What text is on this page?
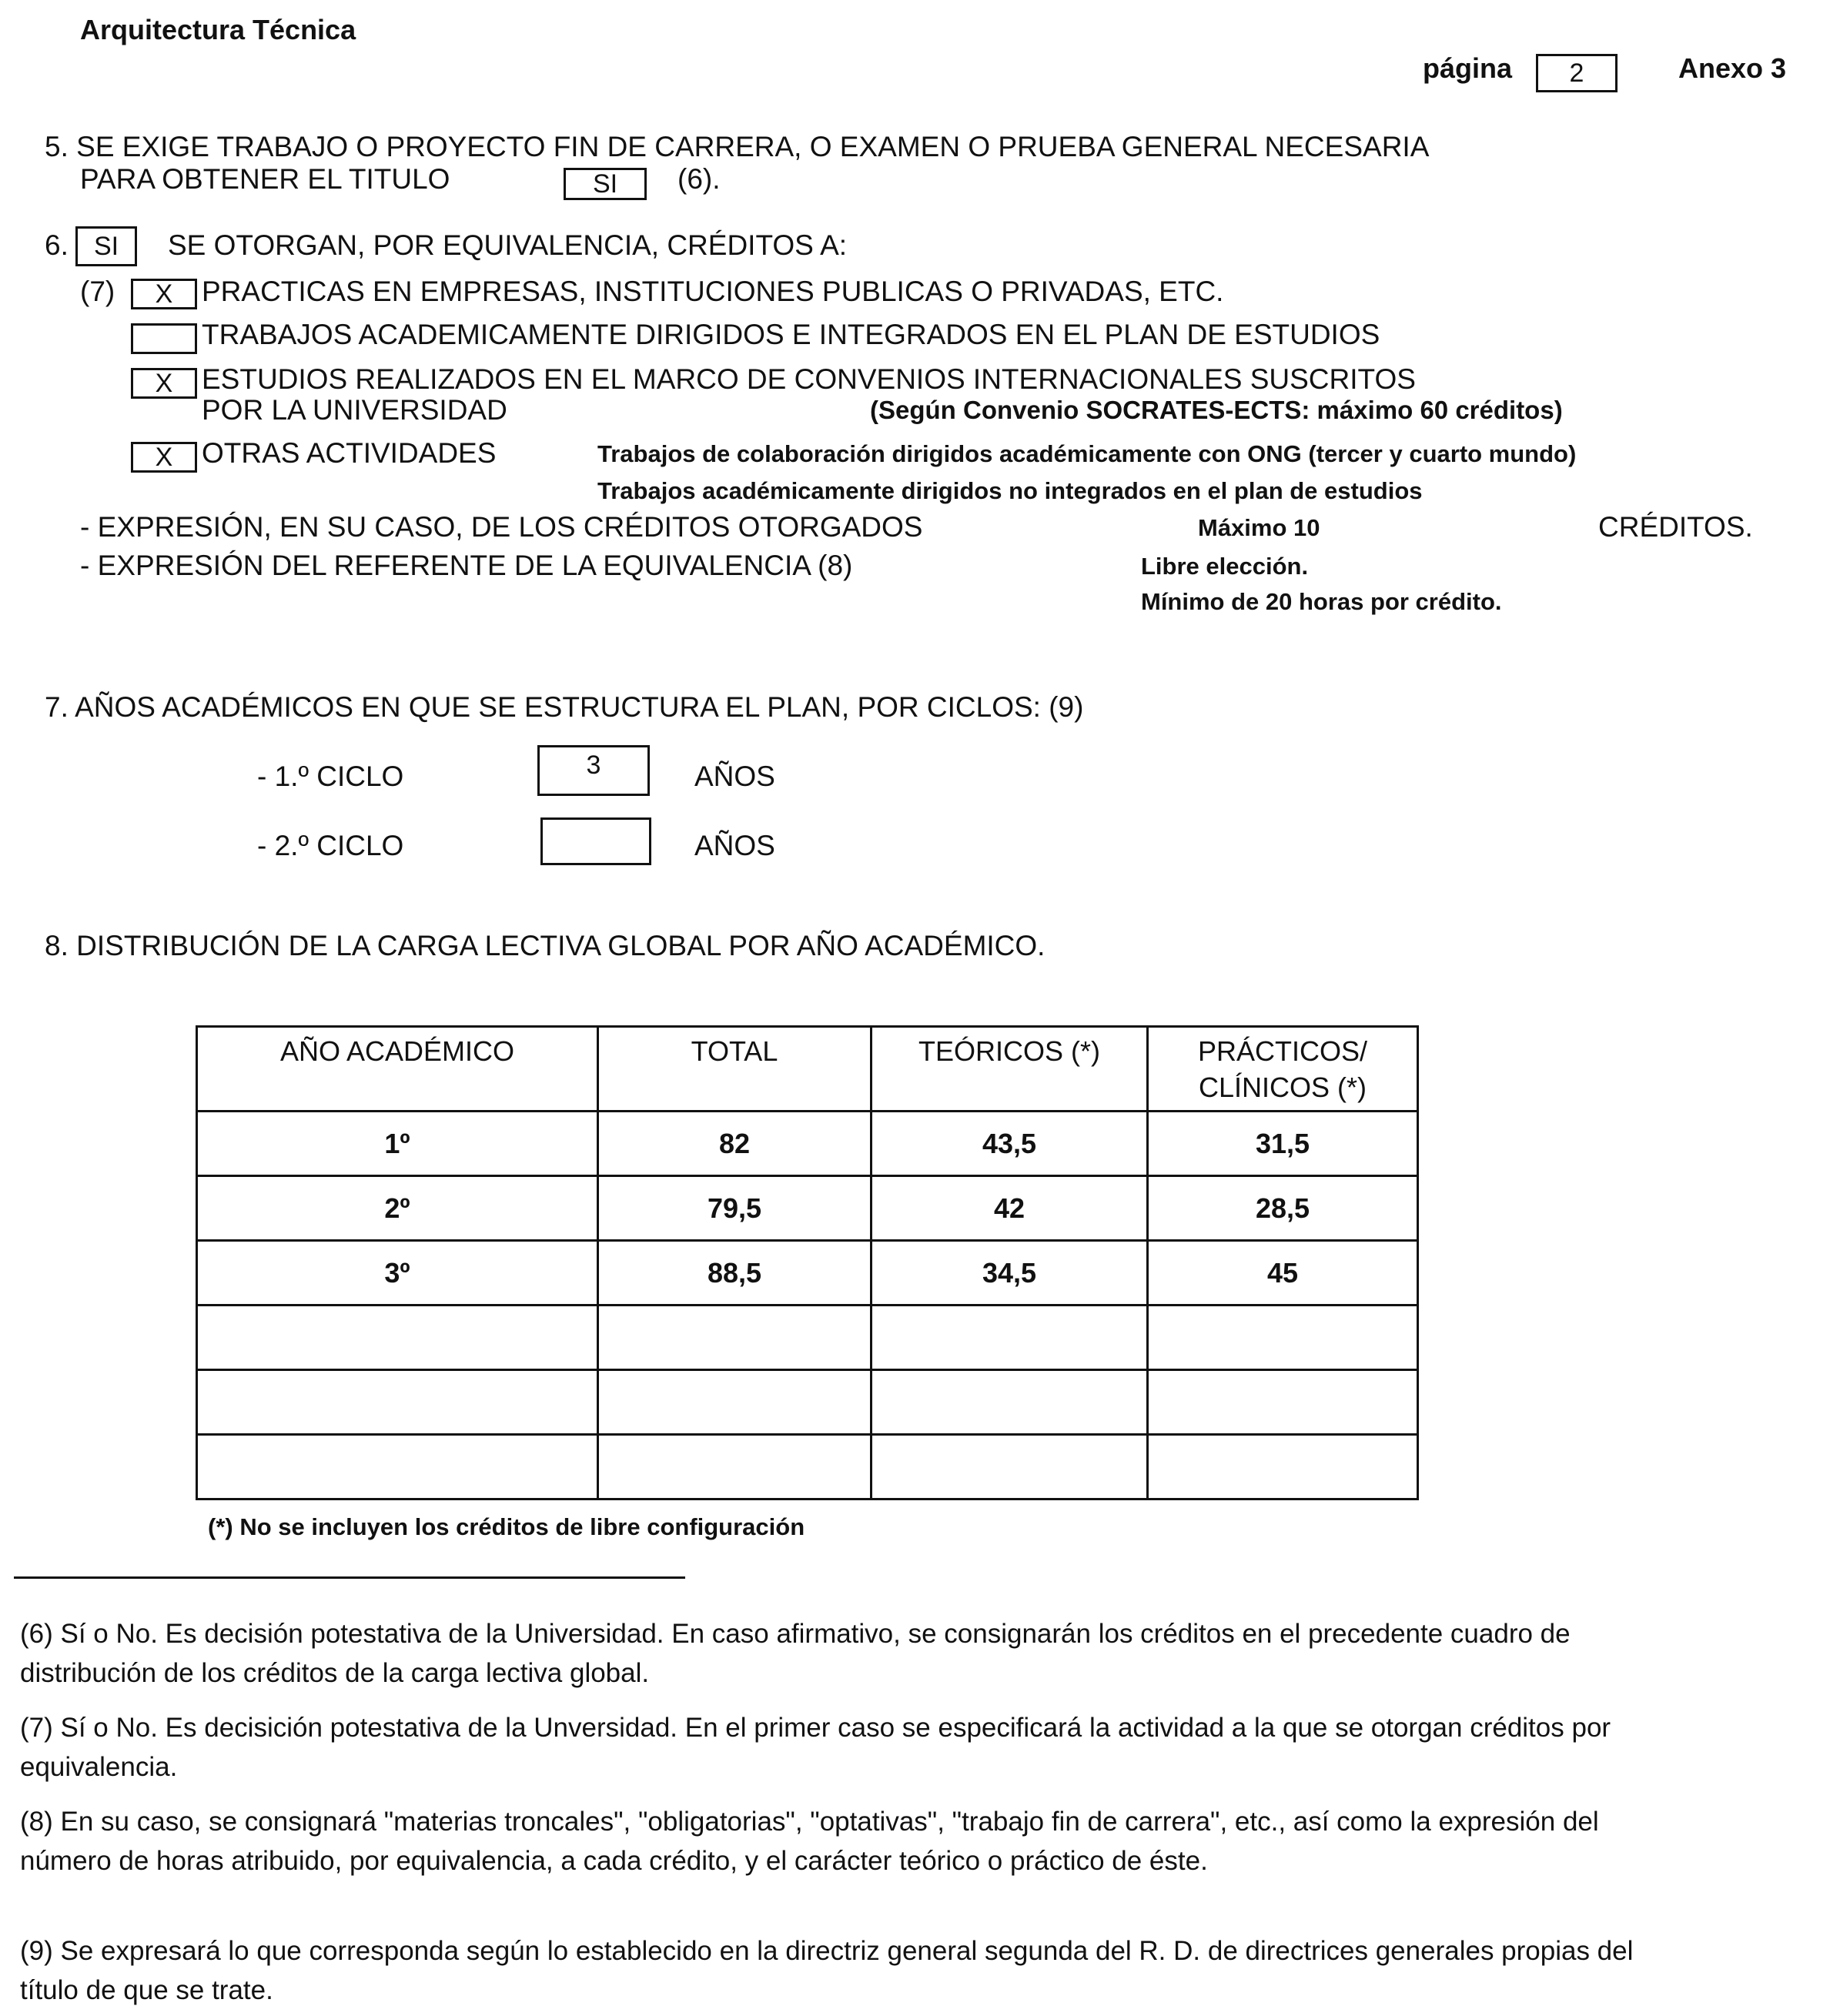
Arquitectura Técnica
página	2	Anexo 3
5. SE EXIGE TRABAJO O PROYECTO FIN DE CARRERA, O EXAMEN O PRUEBA GENERAL NECESARIA
PARA OBTENER EL TITULO	SI	(6).
6. SI	SE OTORGAN, POR EQUIVALENCIA, CRÉDITOS A:
(7)	X	PRACTICAS EN EMPRESAS, INSTITUCIONES PUBLICAS O PRIVADAS, ETC.
TRABAJOS ACADEMICAMENTE DIRIGIDOS E INTEGRADOS EN EL PLAN DE ESTUDIOS
X	ESTUDIOS REALIZADOS EN EL MARCO DE CONVENIOS INTERNACIONALES SUSCRITOS
POR LA UNIVERSIDAD	(Según Convenio SOCRATES-ECTS: máximo 60 créditos)
X	OTRAS ACTIVIDADES	Trabajos de colaboración dirigidos académicamente con ONG (tercer y cuarto mundo)
Trabajos académicamente dirigidos no integrados en el plan de estudios
- EXPRESIÓN, EN SU CASO, DE LOS CRÉDITOS OTORGADOS	Máximo 10	CRÉDITOS.
- EXPRESIÓN DEL REFERENTE DE LA EQUIVALENCIA (8)	Libre elección.
Mínimo de 20 horas por crédito.
7. AÑOS ACADÉMICOS EN QUE SE ESTRUCTURA EL PLAN, POR CICLOS: (9)
- 1.º CICLO	3	AÑOS
- 2.º CICLO	AÑOS
8. DISTRIBUCIÓN DE LA CARGA LECTIVA GLOBAL POR AÑO ACADÉMICO.
AÑO ACADÉMICO	TOTAL	TEÓRICOS (*)	PRÁCTICOS/ CLÍNICOS (*)
1º	82	43,5	31,5
2º	79,5	42	28,5
3º	88,5	34,5	45

(*) No se incluyen los créditos de libre configuración
(6) Sí o No. Es decisión potestativa de la Universidad. En caso afirmativo, se consignarán los créditos en el precedente cuadro de distribución de los créditos de la carga lectiva global.
(7) Sí o No. Es decisición potestativa de la Unversidad. En el primer caso se especificará la actividad a la que se otorgan créditos por equivalencia.
(8) En su caso, se consignará "materias troncales", "obligatorias", "optativas", "trabajo fin de carrera", etc., así como la expresión del número de horas atribuido, por equivalencia, a cada crédito, y el carácter teórico o práctico de éste.
(9) Se expresará lo que corresponda según lo establecido en la directriz general segunda del R. D. de directrices generales propias del título de que se trate.
